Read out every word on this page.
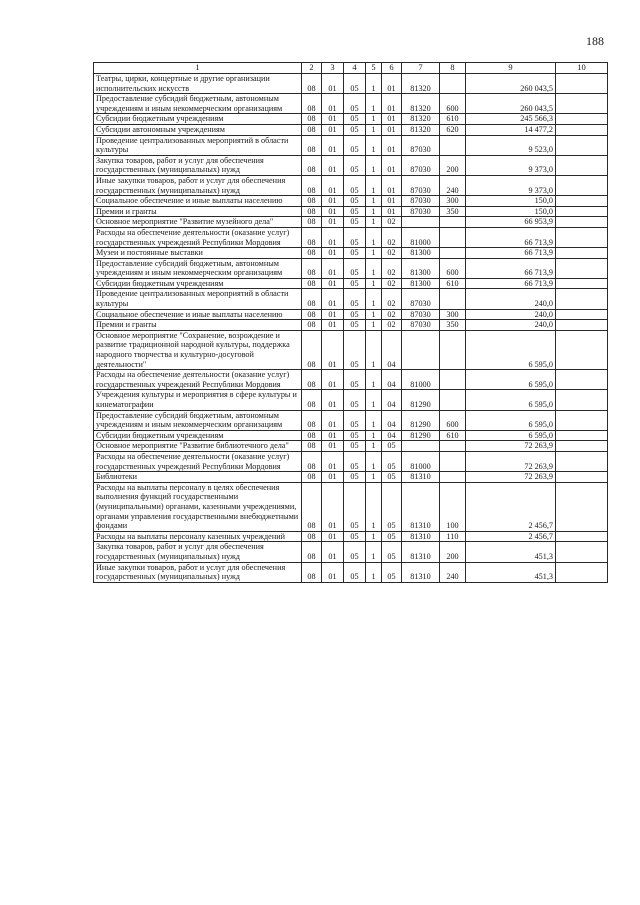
188
1	2	3	4	5	6	7	8	9	10
Театры, цирки, концертные и другие организации исполнительских искусств	08	01	05	1	01	81320		260 043,5	
Предоставление субсидий бюджетным, автономным учреждениям и иным некоммерческим организациям	08	01	05	1	01	81320	600	260 043,5	
Субсидии бюджетным учреждениям	08	01	05	1	01	81320	610	245 566,3	
Субсидии автономным учреждениям	08	01	05	1	01	81320	620	14 477,2	
Проведение централизованных мероприятий в области культуры	08	01	05	1	01	87030		9 523,0	
Закупка товаров, работ и услуг для обеспечения государственных (муниципальных) нужд	08	01	05	1	01	87030	200	9 373,0	
Иные закупки товаров, работ и услуг для обеспечения государственных (муниципальных) нужд	08	01	05	1	01	87030	240	9 373,0	
Социальное обеспечение и иные выплаты населению	08	01	05	1	01	87030	300	150,0	
Премии и гранты	08	01	05	1	01	87030	350	150,0	
Основное мероприятие "Развитие музейного дела"	08	01	05	1	02			66 953,9	
Расходы на обеспечение деятельности (оказание услуг) государственных учреждений Республики Мордовия	08	01	05	1	02	81000		66 713,9	
Музеи и постоянные выставки	08	01	05	1	02	81300		66 713,9	
Предоставление субсидий бюджетным, автономным учреждениям и иным некоммерческим организациям	08	01	05	1	02	81300	600	66 713,9	
Субсидии бюджетным учреждениям	08	01	05	1	02	81300	610	66 713,9	
Проведение централизованных мероприятий в области культуры	08	01	05	1	02	87030		240,0	
Социальное обеспечение и иные выплаты населению	08	01	05	1	02	87030	300	240,0	
Премии и гранты	08	01	05	1	02	87030	350	240,0	
Основное мероприятие "Сохранение, возрождение и развитие традиционной народной культуры, поддержка народного творчества и культурно-досуговой деятельности"	08	01	05	1	04			6 595,0	
Расходы на обеспечение деятельности (оказание услуг) государственных учреждений Республики Мордовия	08	01	05	1	04	81000		6 595,0	
Учреждения культуры и мероприятия в сфере культуры и кинематографии	08	01	05	1	04	81290		6 595,0	
Предоставление субсидий бюджетным, автономным учреждениям и иным некоммерческим организациям	08	01	05	1	04	81290	600	6 595,0	
Субсидии бюджетным учреждениям	08	01	05	1	04	81290	610	6 595,0	
Основное мероприятие "Развитие библиотечного дела"	08	01	05	1	05			72 263,9	
Расходы на обеспечение деятельности (оказание услуг) государственных учреждений Республики Мордовия	08	01	05	1	05	81000		72 263,9	
Библиотеки	08	01	05	1	05	81310		72 263,9	
Расходы на выплаты персоналу в целях обеспечения выполнения функций государственными (муниципальными) органами, казенными учреждениями, органами управления государственными внебюджетными фондами	08	01	05	1	05	81310	100	2 456,7	
Расходы на выплаты персоналу казенных учреждений	08	01	05	1	05	81310	110	2 456,7	
Закупка товаров, работ и услуг для обеспечения государственных (муниципальных) нужд	08	01	05	1	05	81310	200	451,3	
Иные закупки товаров, работ и услуг для обеспечения государственных (муниципальных) нужд	08	01	05	1	05	81310	240	451,3	
